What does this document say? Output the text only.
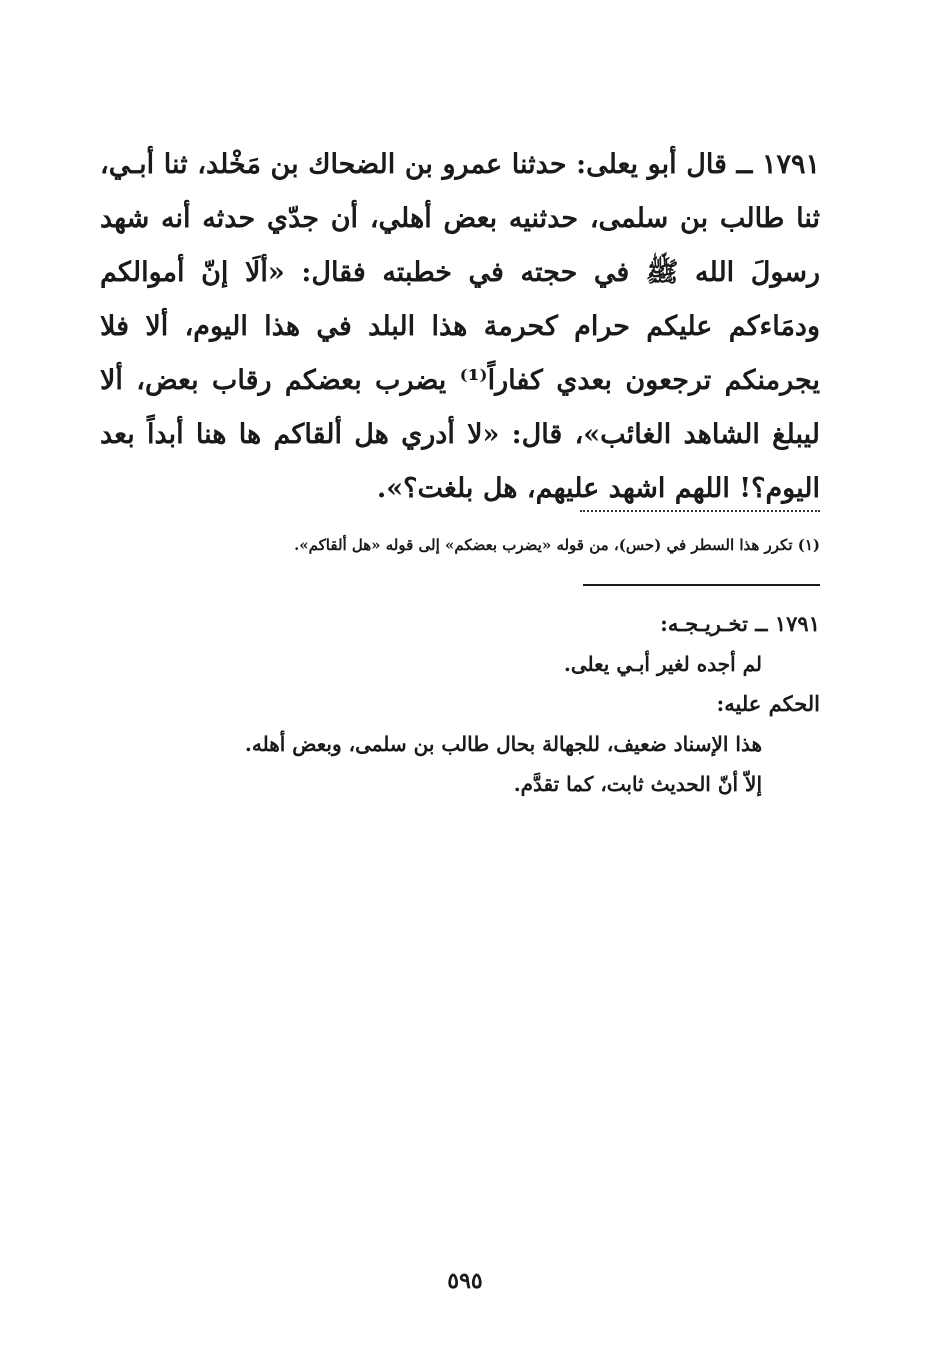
١٧٩١ ــ قال أبو يعلى: حدثنا عمرو بن الضحاك بن مَخْلد، ثنا أبـي، ثنا طالب بن سلمى، حدثنيه بعض أهلي، أن جدّي حدثه أنه شهد رسولَ الله ﷺ في حجته في خطبته فقال: «ألَا إنّ أموالكم ودمَاءكم عليكم حرام كحرمة هذا البلد في هذا اليوم، ألا فلا يجرمنكم ترجعون بعدي كفاراً⁽¹⁾ يضرب بعضكم رقاب بعض، ألا ليبلغ الشاهد الغائب»، قال: «لا أدري هل ألقاكم ها هنا أبداً بعد اليوم؟! اللهم اشهد عليهم، هل بلغت؟».
(١) تكرر هذا السطر في (حس)، من قوله «يضرب بعضكم» إلى قوله «هل ألقاكم».
١٧٩١ ــ تخـريـجـه:
لم أجده لغير أبـي يعلى.
الحكم عليه:
هذا الإسناد ضعيف، للجهالة بحال طالب بن سلمى، وبعض أهله.
إلاّ أنّ الحديث ثابت، كما تقدَّم.
٥٩٥
